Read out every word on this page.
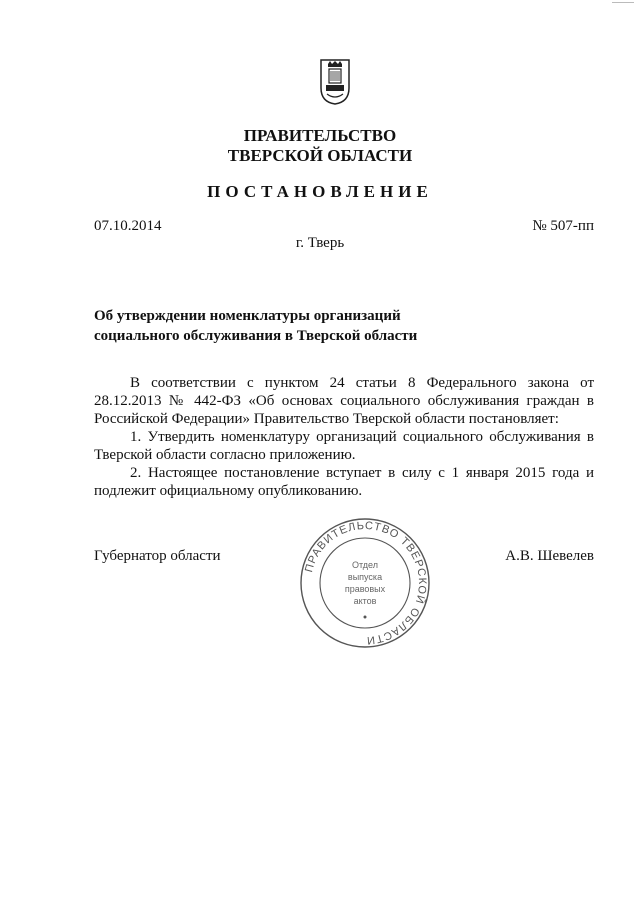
ПРАВИТЕЛЬСТВО
ТВЕРСКОЙ ОБЛАСТИ
ПОСТАНОВЛЕНИЕ
07.10.2014	№ 507-пп
г. Тверь
Об утверждении номенклатуры организаций
социального обслуживания в Тверской области

В соответствии с пунктом 24 статьи 8 Федерального закона от 28.12.2013 № 442-ФЗ «Об основах социального обслуживания граждан в Российской Федерации» Правительство Тверской области постановляет:

1. Утвердить номенклатуру организаций социального обслуживания в Тверской области согласно приложению.

2. Настоящее постановление вступает в силу с 1 января 2015 года и подлежит официальному опубликованию.

Губернатор области	А.В. Шевелев
ПРАВИТЕЛЬСТВО ТВЕРСКОЙ ОБЛАСТИ
Отдел
выпуска
правовых
актов
